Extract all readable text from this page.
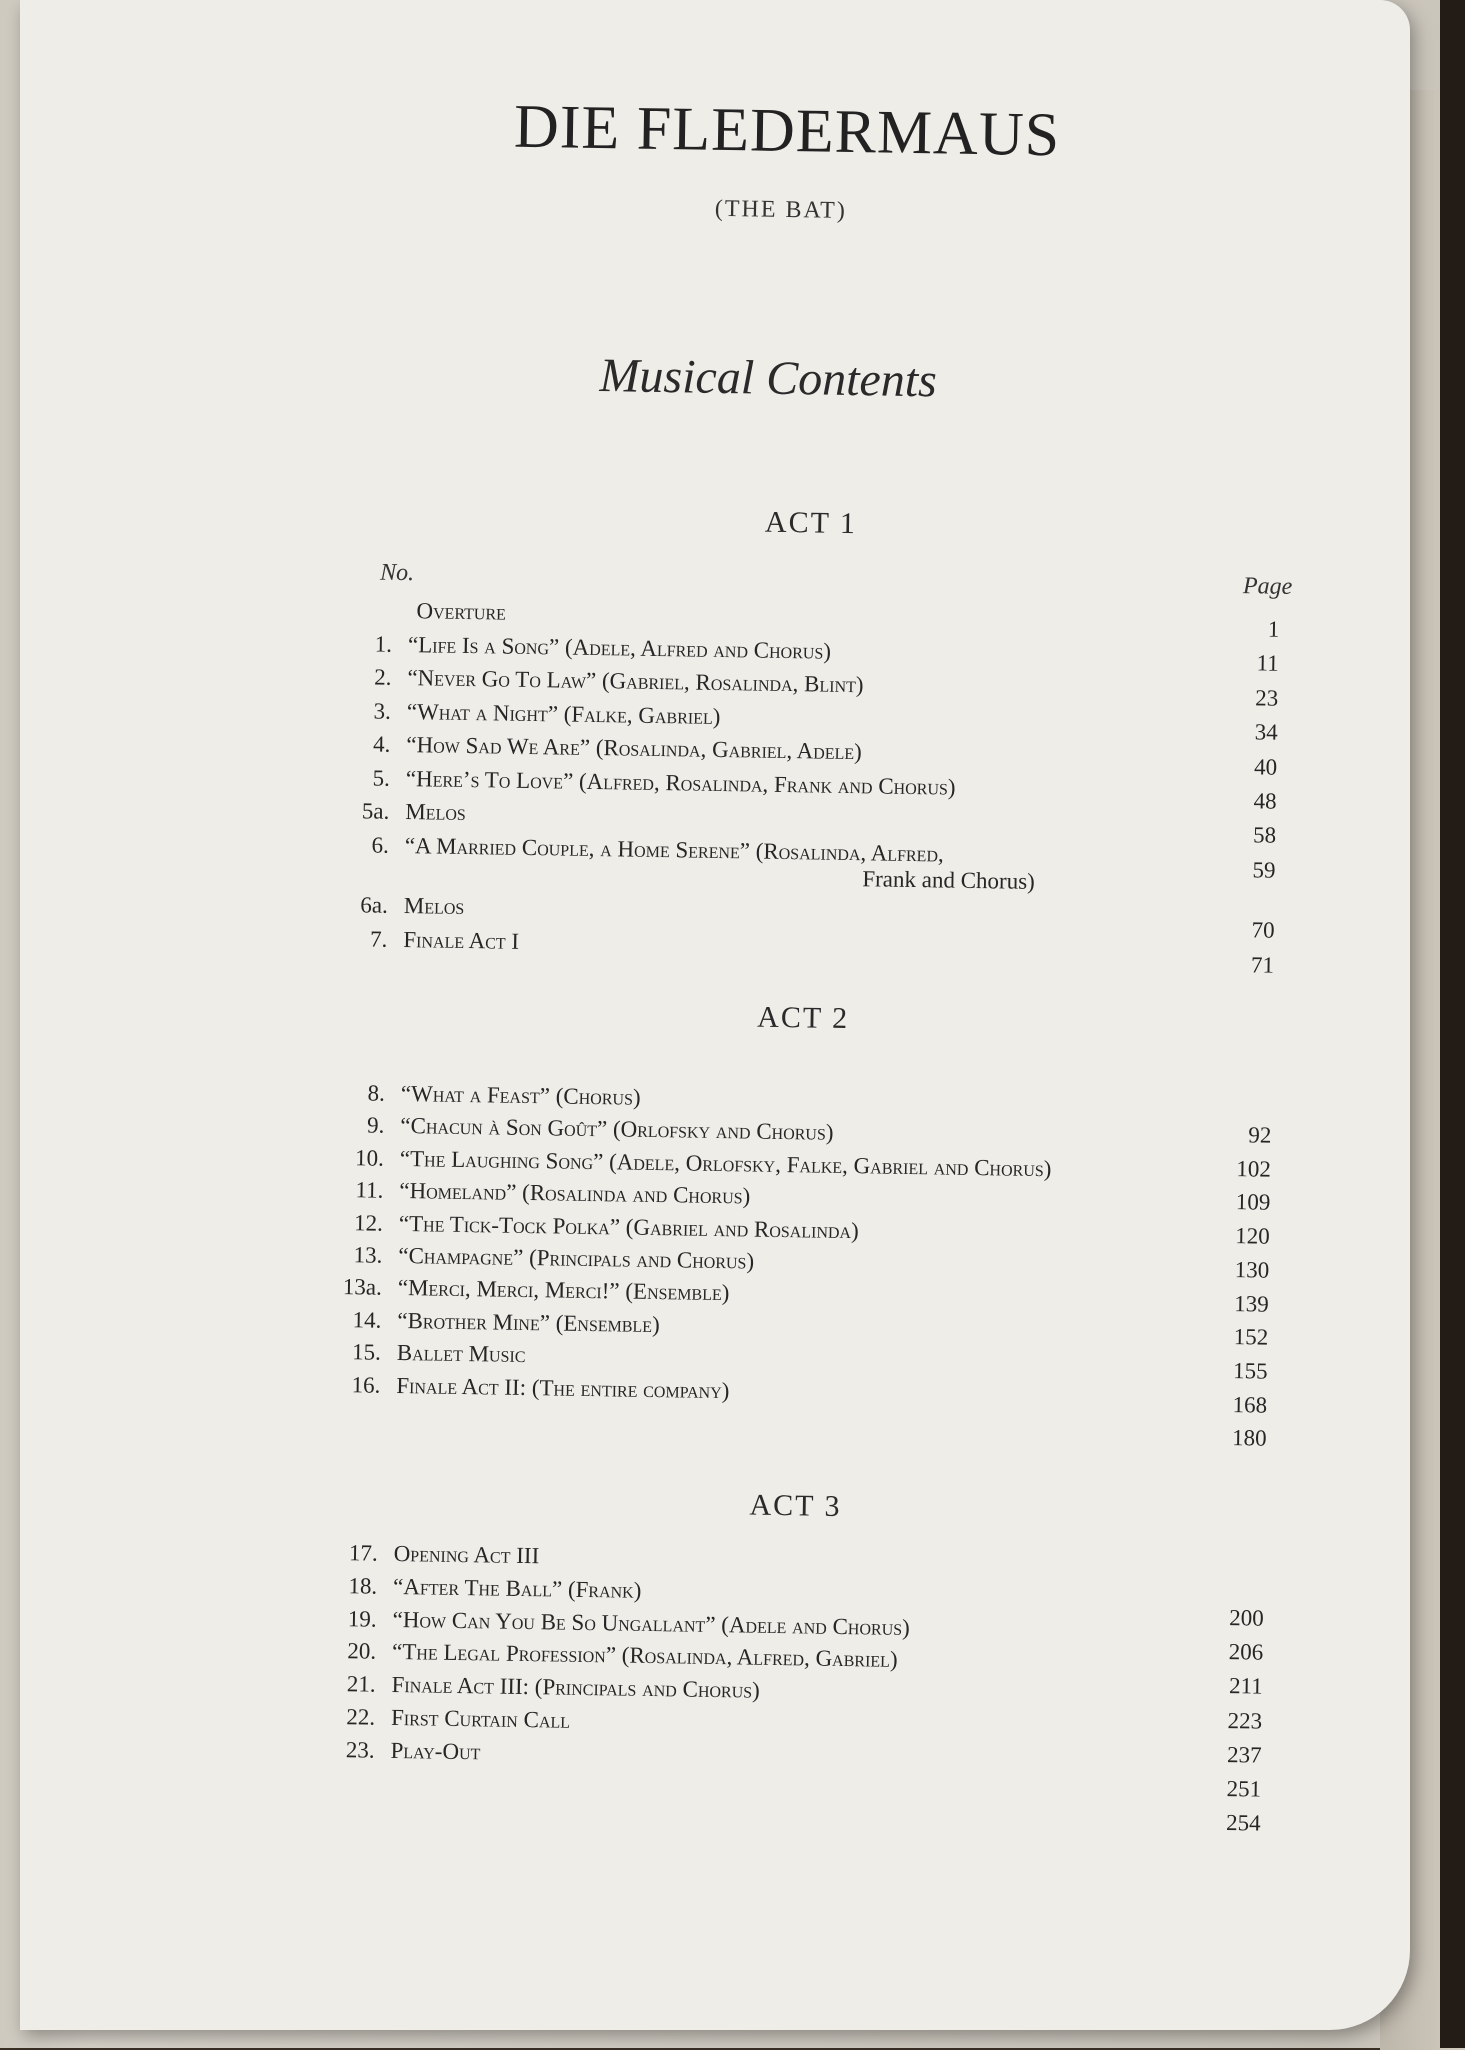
DIE FLEDERMAUS
(THE BAT)
Musical Contents
No.
Page
ACT 1
Overture
1. “Life Is a Song” (Adele, Alfred and Chorus)
2. “Never Go To Law” (Gabriel, Rosalinda, Blint)
3. “What a Night” (Falke, Gabriel)
4. “How Sad We Are” (Rosalinda, Gabriel, Adele)
5. “Here’s To Love” (Alfred, Rosalinda, Frank and Chorus)
5a. Melos
6. “A Married Couple, a Home Serene” (Rosalinda, Alfred,
Frank and Chorus)
6a. Melos
7. Finale Act I
1
11
23
34
40
48
58
59
70
71
ACT 2
8. “What a Feast” (Chorus)
9. “Chacun à Son Goût” (Orlofsky and Chorus)
10. “The Laughing Song” (Adele, Orlofsky, Falke, Gabriel and Chorus)
11. “Homeland” (Rosalinda and Chorus)
12. “The Tick-Tock Polka” (Gabriel and Rosalinda)
13. “Champagne” (Principals and Chorus)
13a. “Merci, Merci, Merci!” (Ensemble)
14. “Brother Mine” (Ensemble)
15. Ballet Music
16. Finale Act II: (The entire company)
92
102
109
120
130
139
152
155
168
180
ACT 3
17. Opening Act III
18. “After The Ball” (Frank)
19. “How Can You Be So Ungallant” (Adele and Chorus)
20. “The Legal Profession” (Rosalinda, Alfred, Gabriel)
21. Finale Act III: (Principals and Chorus)
22. First Curtain Call
23. Play-Out
200
206
211
223
237
251
254
